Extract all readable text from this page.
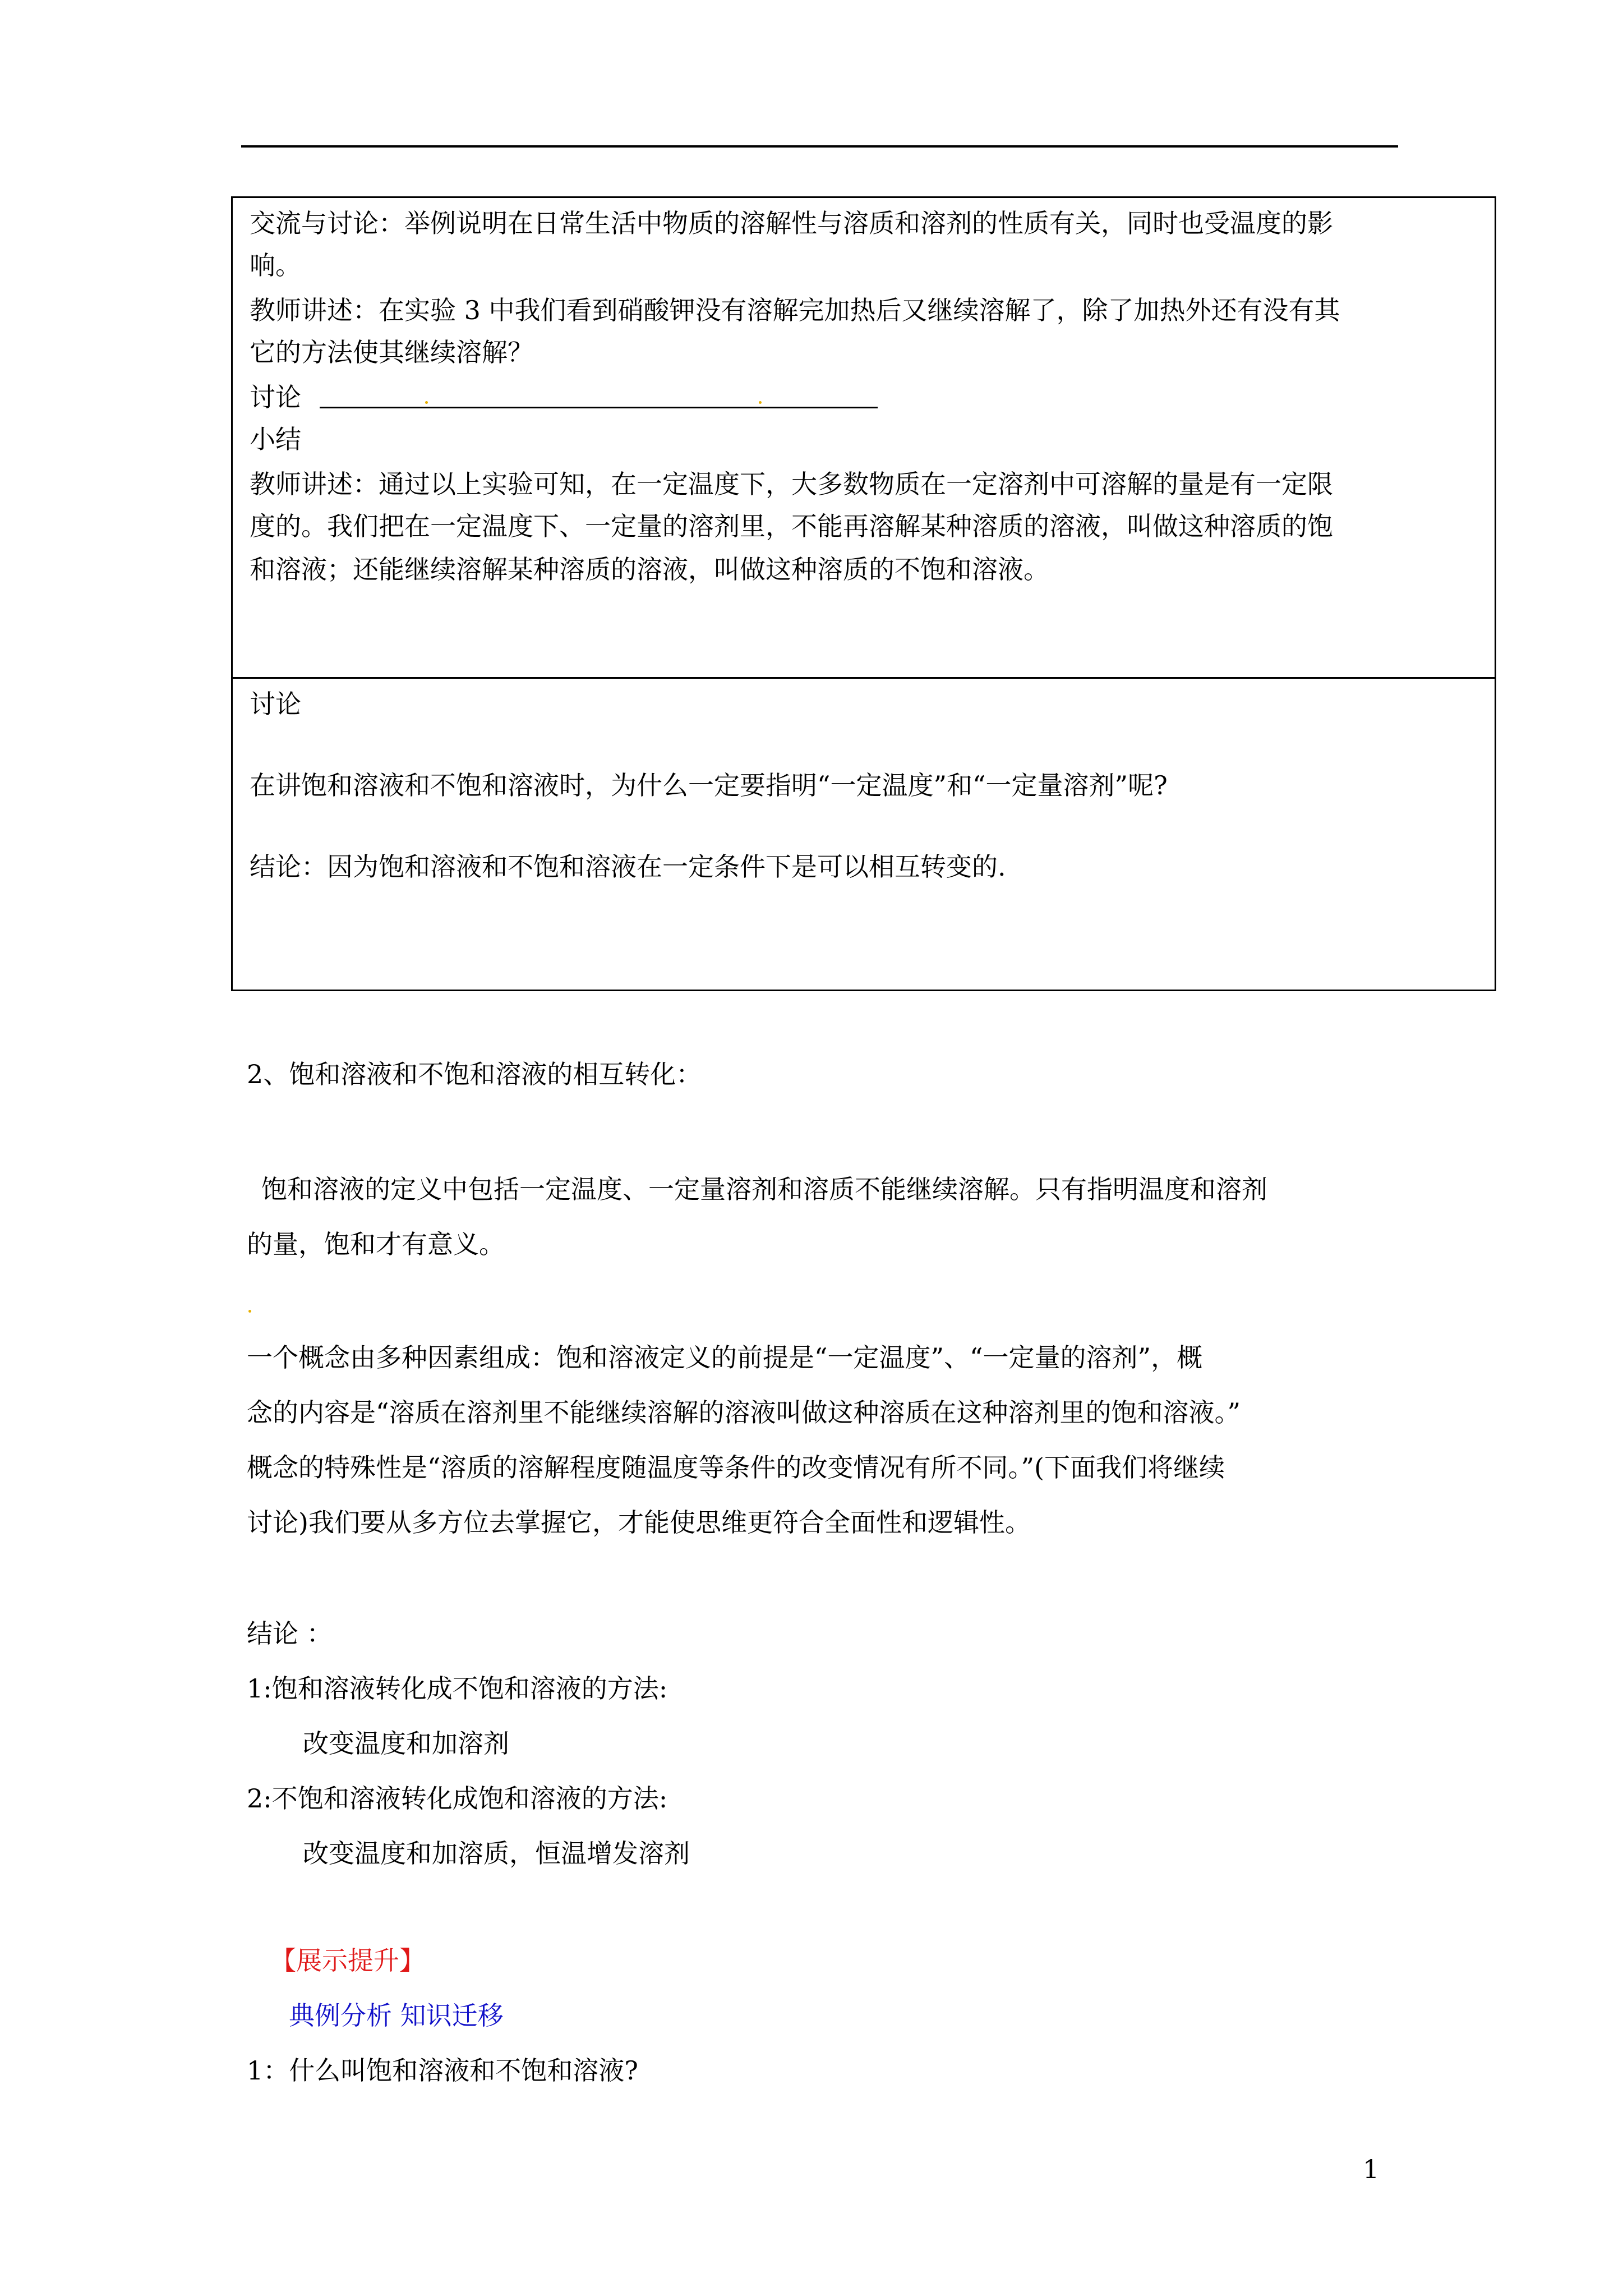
交流与讨论：举例说明在日常生活中物质的溶解性与溶质和溶剂的性质有关，同时也受温度的影

响。

教师讲述：在实验 3 中我们看到硝酸钾没有溶解完加热后又继续溶解了，除了加热外还有没有其

它的方法使其继续溶解？

讨论

小结

教师讲述：通过以上实验可知，在一定温度下，大多数物质在一定溶剂中可溶解的量是有一定限

度的。我们把在一定温度下、一定量的溶剂里，不能再溶解某种溶质的溶液，叫做这种溶质的饱

和溶液；还能继续溶解某种溶质的溶液，叫做这种溶质的不饱和溶液。

讨论

在讲饱和溶液和不饱和溶液时，为什么一定要指明“一定温度”和“一定量溶剂”呢?

结论：因为饱和溶液和不饱和溶液在一定条件下是可以相互转变的.

2、饱和溶液和不饱和溶液的相互转化：

饱和溶液的定义中包括一定温度、一定量溶剂和溶质不能继续溶解。只有指明温度和溶剂

的量，饱和才有意义。

一个概念由多种因素组成：饱和溶液定义的前提是“一定温度”、“一定量的溶剂”，概

念的内容是“溶质在溶剂里不能继续溶解的溶液叫做这种溶质在这种溶剂里的饱和溶液。”

概念的特殊性是“溶质的溶解程度随温度等条件的改变情况有所不同。”(下面我们将继续

讨论)我们要从多方位去掌握它，才能使思维更符合全面性和逻辑性。

结论 ：

1:饱和溶液转化成不饱和溶液的方法:

改变温度和加溶剂

2:不饱和溶液转化成饱和溶液的方法:

改变温度和加溶质，恒温增发溶剂

【展示提升】

典例分析 知识迁移

1：什么叫饱和溶液和不饱和溶液?

1
